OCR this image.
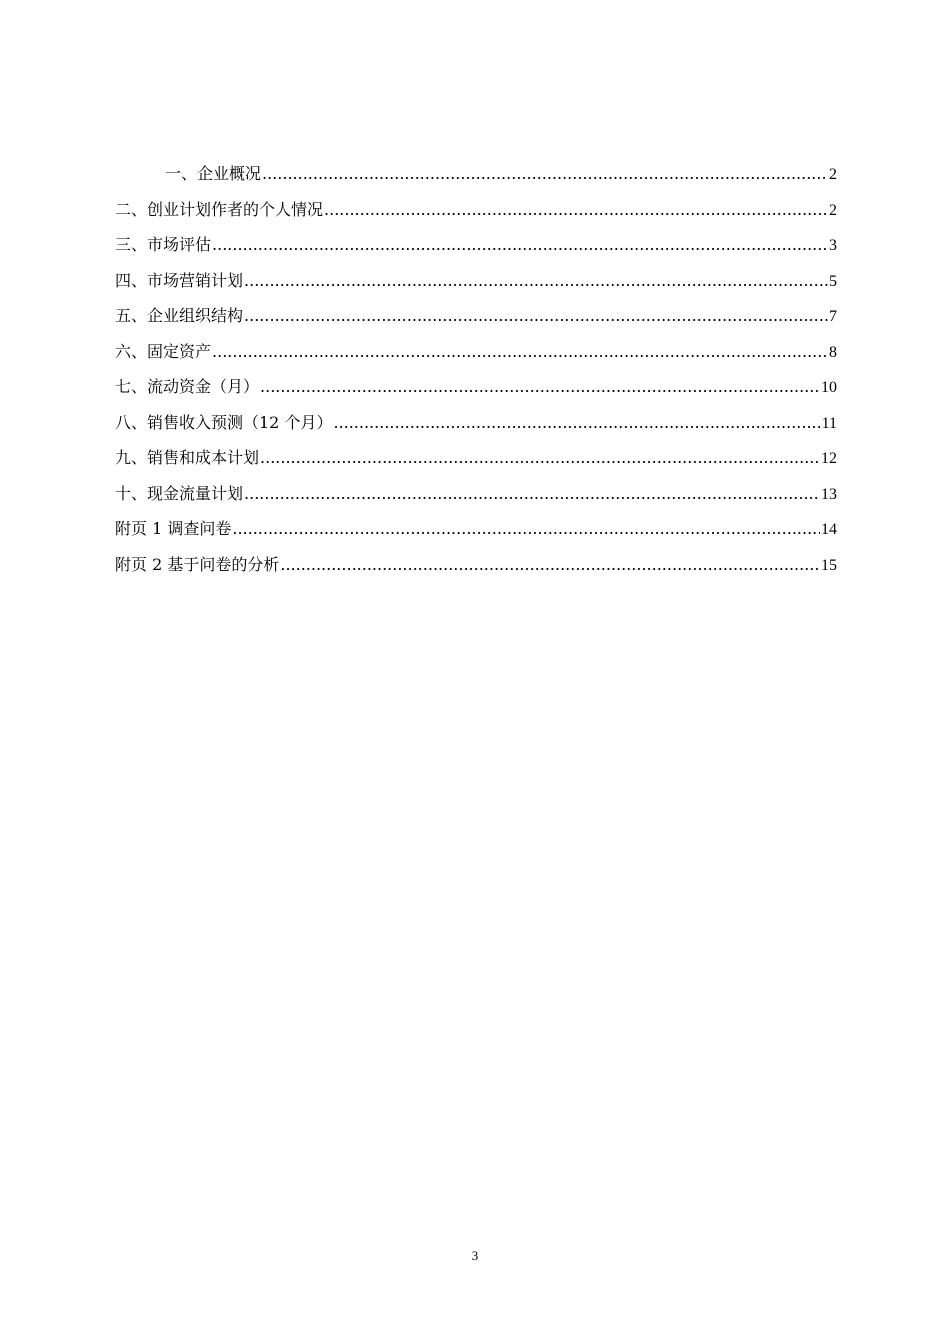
一、企业概况 .....	2
二、创业计划作者的个人情况 .....	2
三、市场评估 .....	3
四、市场营销计划 .....	5
五、企业组织结构 .....	7
六、固定资产 .....	8
七、流动资金（月） .....	10
八、销售收入预测（12 个月） .....	11
九、销售和成本计划 .....	12
十、现金流量计划 .....	13
附页 1 调查问卷 .....	14
附页 2 基于问卷的分析 .....	15
3
